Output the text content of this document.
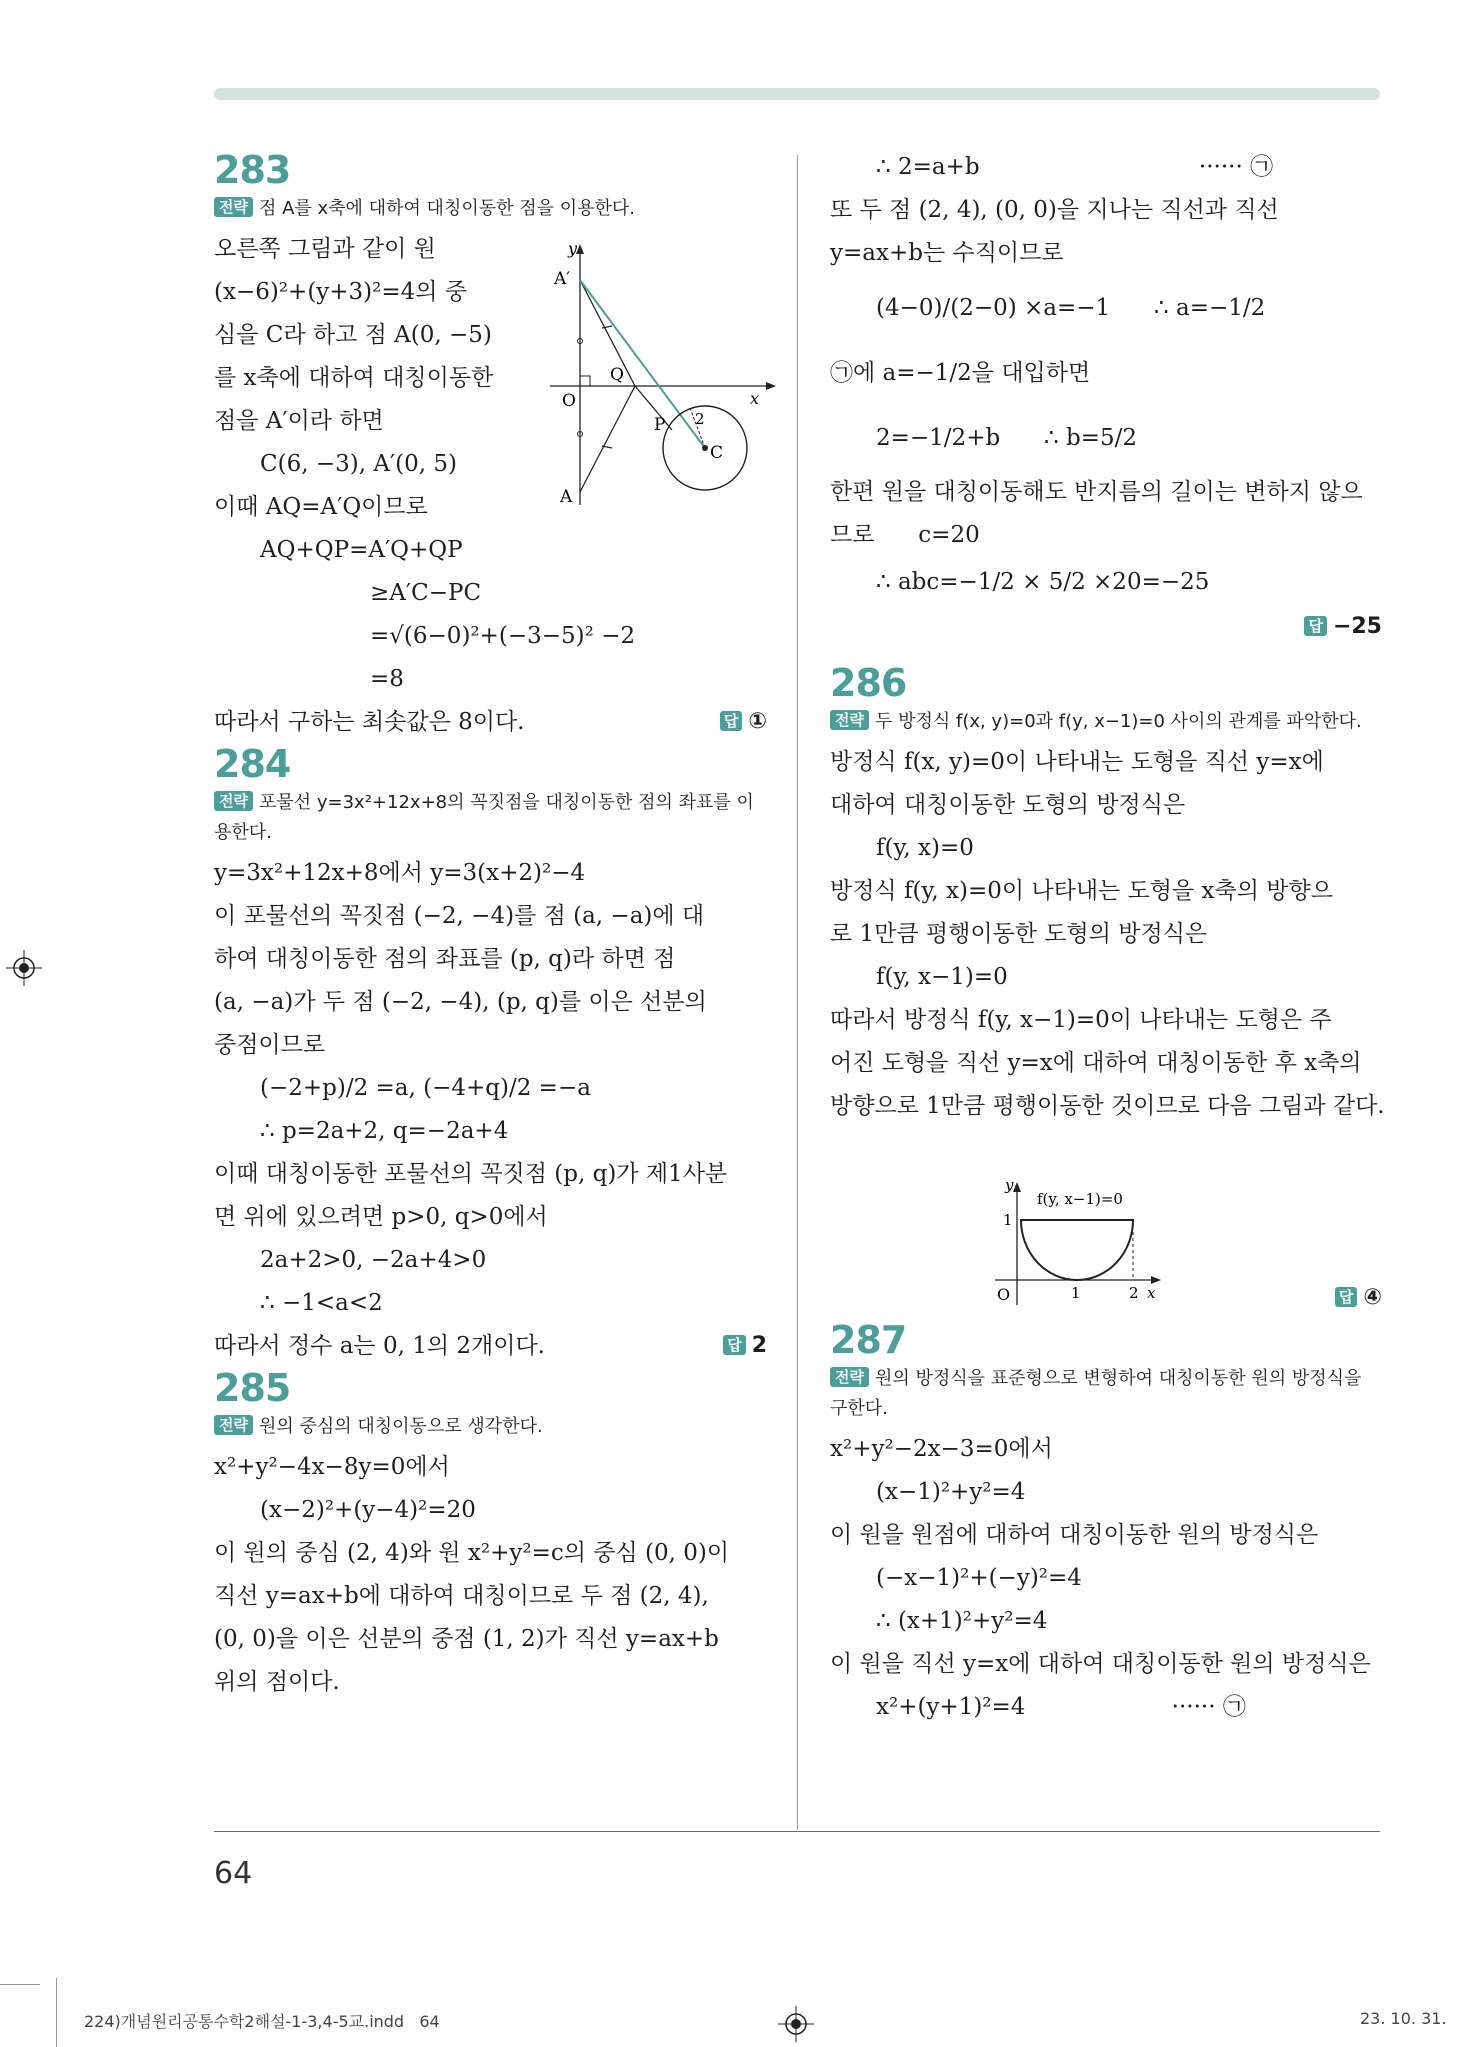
283

전략 점 A를 x축에 대하여 대칭이동한 점을 이용한다.
오른쪽 그림과 같이 원
(x−6)²+(y+3)²=4의 중
심을 C라 하고 점 A(0, −5)
를 x축에 대하여 대칭이동한
점을 A′이라 하면
C(6, −3), A′(0, 5)
이때 AQ=A′Q이므로
AQ+QP=A′Q+QP
≥A′C−PC
=√(6−0)²+(−3−5)² −2
=8
따라서 구하는 최솟값은 8이다.	답 ①

284

전략 포물선 y=3x²+12x+8의 꼭짓점을 대칭이동한 점의 좌표를 이용한다.
y=3x²+12x+8에서 y=3(x+2)²−4
이 포물선의 꼭짓점 (−2, −4)를 점 (a, −a)에 대
하여 대칭이동한 점의 좌표를 (p, q)라 하면 점
(a, −a)가 두 점 (−2, −4), (p, q)를 이은 선분의
중점이므로
(−2+p)/2 =a, (−4+q)/2 =−a
∴ p=2a+2, q=−2a+4
이때 대칭이동한 포물선의 꼭짓점 (p, q)가 제1사분
면 위에 있으려면 p>0, q>0에서
2a+2>0, −2a+4>0
∴ −1<a<2
따라서 정수 a는 0, 1의 2개이다.	답 2

285

전략 원의 중심의 대칭이동으로 생각한다.
x²+y²−4x−8y=0에서
(x−2)²+(y−4)²=20
이 원의 중심 (2, 4)와 원 x²+y²=c의 중심 (0, 0)이
직선 y=ax+b에 대하여 대칭이므로 두 점 (2, 4),
(0, 0)을 이은 선분의 중점 (1, 2)가 직선 y=ax+b
위의 점이다.
y
x
A′
O
Q
P
C
2
A
∴ 2=a+b                              ······ ㉠
또 두 점 (2, 4), (0, 0)을 지나는 직선과 직선
y=ax+b는 수직이므로
(4−0)/(2−0) ×a=−1      ∴ a=−1/2
㉠에 a=−1/2을 대입하면
2=−1/2+b      ∴ b=5/2
한편 원을 대칭이동해도 반지름의 길이는 변하지 않으
므로      c=20
∴ abc=−1/2 × 5/2 ×20=−25
답 −25

286

전략 두 방정식 f(x, y)=0과 f(y, x−1)=0 사이의 관계를 파악한다.
방정식 f(x, y)=0이 나타내는 도형을 직선 y=x에
대하여 대칭이동한 도형의 방정식은
f(y, x)=0
방정식 f(y, x)=0이 나타내는 도형을 x축의 방향으
로 1만큼 평행이동한 도형의 방정식은
f(y, x−1)=0
따라서 방정식 f(y, x−1)=0이 나타내는 도형은 주
어진 도형을 직선 y=x에 대하여 대칭이동한 후 x축의
방향으로 1만큼 평행이동한 것이므로 다음 그림과 같다.
답 ④

287

전략 원의 방정식을 표준형으로 변형하여 대칭이동한 원의 방정식을 구한다.
x²+y²−2x−3=0에서
(x−1)²+y²=4
이 원을 원점에 대하여 대칭이동한 원의 방정식은
(−x−1)²+(−y)²=4
∴ (x+1)²+y²=4
이 원을 직선 y=x에 대하여 대칭이동한 원의 방정식은
x²+(y+1)²=4                    ······ ㉠
y
x
O	1	2
1
f(y, x−1)=0
64
224)개념원리공통수학2해설-1-3,4-5교.indd   64	23. 10. 31.
